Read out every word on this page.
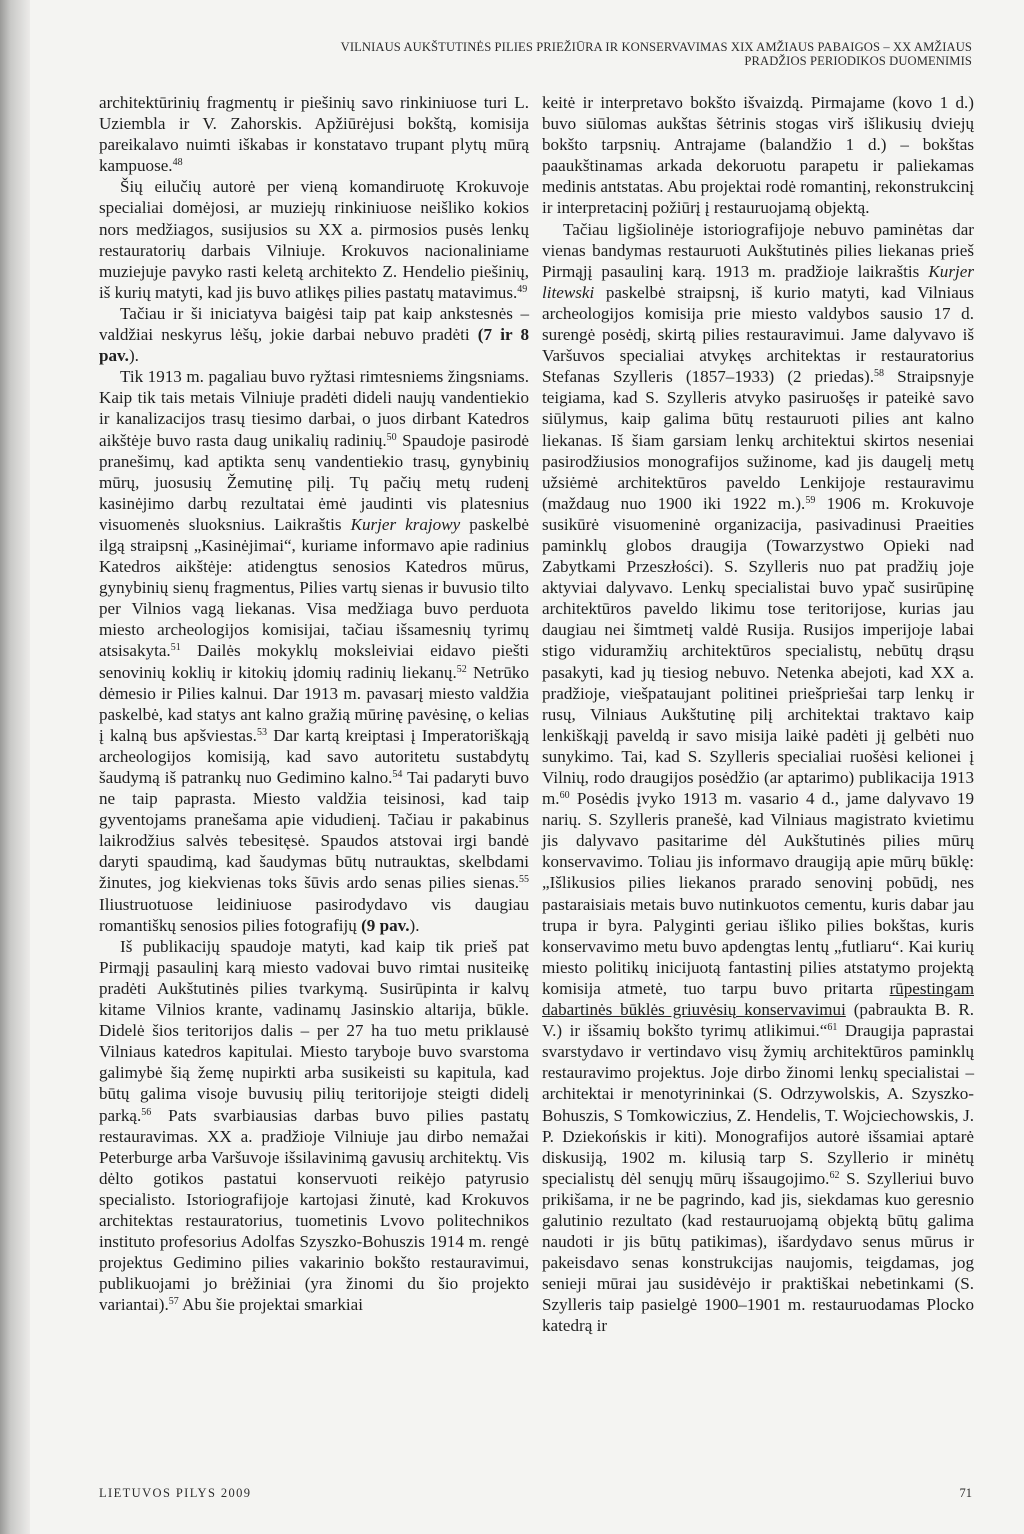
VILNIAUS AUKŠTUTINĖS PILIES PRIEŽIŪRA IR KONSERVAVIMAS XIX AMŽIAUS PABAIGOS – XX AMŽIAUS
PRADŽIOS PERIODIKOS DUOMENIMIS

architektūrinių fragmentų ir piešinių savo rinkiniuose turi L. Uziembla ir V. Zahorskis. Apžiūrėjusi bokštą, komisija pareikalavo nuimti iškabas ir konstatavo trupant plytų mūrą kampuose.$^{48}$

Šių eilučių autorė per vieną komandiruotę Krokuvoje specialiai domėjosi, ar muziejų rinkiniuose neišliko kokios nors medžiagos, susijusios su XX a. pirmosios pusės lenkų restauratorių darbais Vilniuje. Krokuvos nacionaliniame muziejuje pavyko rasti keletą architekto Z. Hendelio piešinių, iš kurių matyti, kad jis buvo atlikęs pilies pastatų matavimus.$^{49}$

Tačiau ir ši iniciatyva baigėsi taip pat kaip ankstesnės – valdžiai neskyrus lėšų, jokie darbai nebuvo pradėti (7 ir 8 pav.).

Tik 1913 m. pagaliau buvo ryžtasi rimtesniems žingsniams. Kaip tik tais metais Vilniuje pradėti dideli naujų vandentiekio ir kanalizacijos trasų tiesimo darbai, o juos dirbant Katedros aikštėje buvo rasta daug unikalių radinių.$^{50}$ Spaudoje pasirodė pranešimų, kad aptikta senų vandentiekio trasų, gynybinių mūrų, juosusių Žemutinę pilį. Tų pačių metų rudenį kasinėjimo darbų rezultatai ėmė jaudinti vis platesnius visuomenės sluoksnius. Laikraštis Kurjer krajowy paskelbė ilgą straipsnį „Kasinėjimai“, kuriame informavo apie radinius Katedros aikštėje: atidengtus senosios Katedros mūrus, gynybinių sienų fragmentus, Pilies vartų sienas ir buvusio tilto per Vilnios vagą liekanas. Visa medžiaga buvo perduota miesto archeologijos komisijai, tačiau išsamesnių tyrimų atsisakyta.$^{51}$ Dailės mokyklų moksleiviai eidavo piešti senovinių koklių ir kitokių įdomių radinių liekanų.$^{52}$ Netrūko dėmesio ir Pilies kalnui. Dar 1913 m. pavasarį miesto valdžia paskelbė, kad statys ant kalno gražią mūrinę pavėsinę, o kelias į kalną bus apšviestas.$^{53}$ Dar kartą kreiptasi į Imperatoriškąją archeologijos komisiją, kad savo autoritetu sustabdytų šaudymą iš patrankų nuo Gedimino kalno.$^{54}$ Tai padaryti buvo ne taip paprasta. Miesto valdžia teisinosi, kad taip gyventojams pranešama apie vidudienį. Tačiau ir pakabinus laikrodžius salvės tebesitęsė. Spaudos atstovai irgi bandė daryti spaudimą, kad šaudymas būtų nutrauktas, skelbdami žinutes, jog kiekvienas toks šūvis ardo senas pilies sienas.$^{55}$ Iliustruotuose leidiniuose pasirodydavo vis daugiau romantiškų senosios pilies fotografijų (9 pav.).

Iš publikacijų spaudoje matyti, kad kaip tik prieš pat Pirmąjį pasaulinį karą miesto vadovai buvo rimtai nusiteikę pradėti Aukštutinės pilies tvarkymą. Susirūpinta ir kalvų kitame Vilnios krante, vadinamų Jasinskio altarija, būkle. Didelė šios teritorijos dalis – per 27 ha tuo metu priklausė Vilniaus katedros kapitulai. Miesto taryboje buvo svarstoma galimybė šią žemę nupirkti arba susikeisti su kapitula, kad būtų galima visoje buvusių pilių teritorijoje steigti didelį parką.$^{56}$ Pats svarbiausias darbas buvo pilies pastatų restauravimas. XX a. pradžioje Vilniuje jau dirbo nemažai Peterburge arba Varšuvoje išsilavinimą gavusių architektų. Vis dėlto gotikos pastatui konservuoti reikėjo patyrusio specialisto. Istoriografijoje kartojasi žinutė, kad Krokuvos architektas restauratorius, tuometinis Lvovo politechnikos instituto profesorius Adolfas Szyszko-Bohuszis 1914 m. rengė projektus Gedimino pilies vakarinio bokšto restauravimui, publikuojami jo brėžiniai (yra žinomi du šio projekto variantai).$^{57}$ Abu šie projektai smarkiai

keitė ir interpretavo bokšto išvaizdą. Pirmajame (kovo 1 d.) buvo siūlomas aukštas šėtrinis stogas virš išlikusių dviejų bokšto tarpsnių. Antrajame (balandžio 1 d.) – bokštas paaukštinamas arkada dekoruotu parapetu ir paliekamas medinis antstatas. Abu projektai rodė romantinį, rekonstrukcinį ir interpretacinį požiūrį į restauruojamą objektą.

Tačiau ligšiolinėje istoriografijoje nebuvo paminėtas dar vienas bandymas restauruoti Aukštutinės pilies liekanas prieš Pirmąjį pasaulinį karą. 1913 m. pradžioje laikraštis Kurjer litewski paskelbė straipsnį, iš kurio matyti, kad Vilniaus archeologijos komisija prie miesto valdybos sausio 17 d. surengė posėdį, skirtą pilies restauravimui. Jame dalyvavo iš Varšuvos specialiai atvykęs architektas ir restauratorius Stefanas Szylleris (1857–1933) (2 priedas).$^{58}$ Straipsnyje teigiama, kad S. Szylleris atvyko pasiruošęs ir pateikė savo siūlymus, kaip galima būtų restauruoti pilies ant kalno liekanas. Iš šiam garsiam lenkų architektui skirtos neseniai pasirodžiusios monografijos sužinome, kad jis daugelį metų užsiėmė architektūros paveldo Lenkijoje restauravimu (maždaug nuo 1900 iki 1922 m.).$^{59}$ 1906 m. Krokuvoje susikūrė visuomeninė organizacija, pasivadinusi Praeities paminklų globos draugija (Towarzystwo Opieki nad Zabytkami Przeszłości). S. Szylleris nuo pat pradžių joje aktyviai dalyvavo. Lenkų specialistai buvo ypač susirūpinę architektūros paveldo likimu tose teritorijose, kurias jau daugiau nei šimtmetį valdė Rusija. Rusijos imperijoje labai stigo viduramžių architektūros specialistų, nebūtų drąsu pasakyti, kad jų tiesiog nebuvo. Netenka abejoti, kad XX a. pradžioje, viešpataujant politinei priešpriešai tarp lenkų ir rusų, Vilniaus Aukštutinę pilį architektai traktavo kaip lenkiškąjį paveldą ir savo misija laikė padėti jį gelbėti nuo sunykimo. Tai, kad S. Szylleris specialiai ruošėsi kelionei į Vilnių, rodo draugijos posėdžio (ar aptarimo) publikacija 1913 m.$^{60}$ Posėdis įvyko 1913 m. vasario 4 d., jame dalyvavo 19 narių. S. Szylleris pranešė, kad Vilniaus magistrato kvietimu jis dalyvavo pasitarime dėl Aukštutinės pilies mūrų konservavimo. Toliau jis informavo draugiją apie mūrų būklę: „Išlikusios pilies liekanos prarado senovinį pobūdį, nes pastaraisiais metais buvo nutinkuotos cementu, kuris dabar jau trupa ir byra. Palyginti geriau išliko pilies bokštas, kuris konservavimo metu buvo apdengtas lentų „futliaru“. Kai kurių miesto politikų inicijuotą fantastinį pilies atstatymo projektą komisija atmetė, tuo tarpu buvo pritarta rūpestingam dabartinės būklės griuvėsių konservavimui (pabraukta B. R. V.) ir išsamių bokšto tyrimų atlikimui.“$^{61}$ Draugija paprastai svarstydavo ir vertindavo visų žymių architektūros paminklų restauravimo projektus. Joje dirbo žinomi lenkų specialistai – architektai ir menotyrininkai (S. Odrzywolskis, A. Szyszko-Bohuszis, S Tomkowiczius, Z. Hendelis, T. Wojciechowskis, J. P. Dziekońskis ir kiti). Monografijos autorė išsamiai aptarė diskusiją, 1902 m. kilusią tarp S. Szyllerio ir minėtų specialistų dėl senųjų mūrų išsaugojimo.$^{62}$ S. Szylleriui buvo prikišama, ir ne be pagrindo, kad jis, siekdamas kuo geresnio galutinio rezultato (kad restauruojamą objektą būtų galima naudoti ir jis būtų patikimas), išardydavo senus mūrus ir pakeisdavo senas konstrukcijas naujomis, teigdamas, jog senieji mūrai jau susidėvėjo ir praktiškai nebetinkami (S. Szylleris taip pasielgė 1900–1901 m. restauruodamas Plocko katedrą ir

LIETUVOS PILYS 2009	71
